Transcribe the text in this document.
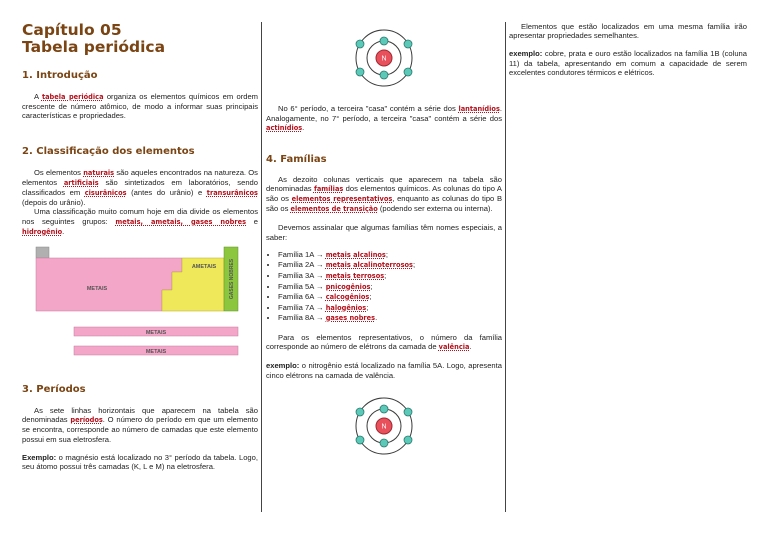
Capítulo 05
Tabela periódica
1. Introdução

A tabela periódica organiza os elementos químicos em ordem crescente de número atômico, de modo a informar suas principais características e propriedades.

2. Classificação dos elementos

Os elementos naturais são aqueles encontrados na natureza. Os elementos artificiais são sintetizados em laboratórios, sendo classificados em cisurânicos (antes do urânio) e transurânicos (depois do urânio).

Uma classificação muito comum hoje em dia divide os elementos nos seguintes grupos: metais, ametais, gases nobres e hidrogênio.

METAIS
AMETAIS	GASES NOBRES
METAIS
METAIS
3. Períodos

As sete linhas horizontais que aparecem na tabela são denominadas períodos. O número do período em que um elemento se encontra, corresponde ao número de camadas que este elemento possui em sua eletrosfera.

Exemplo: o magnésio está localizado no 3° período da tabela. Logo, seu átomo possui três camadas (K, L e M) na eletrosfera.

N

No 6° período, a terceira "casa" contém a série dos lantanídios. Analogamente, no 7° período, a terceira "casa" contém a série dos actinídios.

4. Famílias

As dezoito colunas verticais que aparecem na tabela são denominadas famílias dos elementos químicos. As colunas do tipo A são os elementos representativos, enquanto as colunas do tipo B são os elementos de transição (podendo ser externa ou interna).

Devemos assinalar que algumas famílias têm nomes especiais, a saber:

• Família 1A → metais alcalinos;
• Família 2A → metais alcalinoterrosos;
• Família 3A → metais terrosos;
• Família 5A → pnicogênios;
• Família 6A → calcogênios;
• Família 7A → halogênios;
• Família 8A → gases nobres.

Para os elementos representativos, o número da família corresponde ao número de elétrons da camada de valência.

exemplo: o nitrogênio está localizado na família 5A. Logo, apresenta cinco elétrons na camada de valência.

N

Elementos que estão localizados em uma mesma família irão apresentar propriedades semelhantes.

exemplo: cobre, prata e ouro estão localizados na família 1B (coluna 11) da tabela, apresentando em comum a capacidade de serem excelentes condutores térmicos e elétricos.
